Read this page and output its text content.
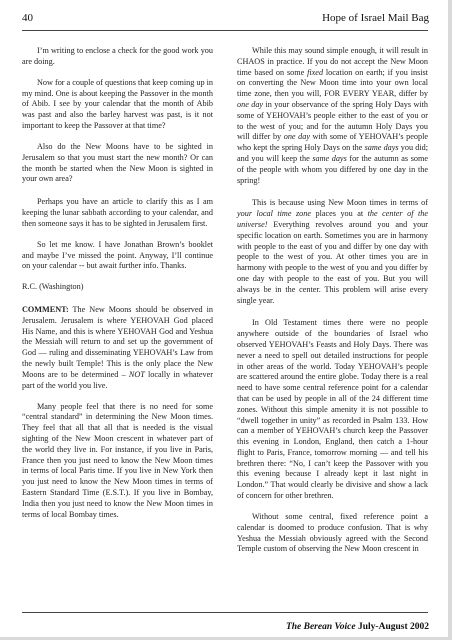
40	Hope of Israel Mail Bag

I’m writing to enclose a check for the good work you are doing.

Now for a couple of questions that keep coming up in my mind. One is about keeping the Passover in the month of Abib. I see by your calendar that the month of Abib was past and also the barley harvest was past, is it not important to keep the Passover at that time?

Also do the New Moons have to be sighted in Jerusalem so that you must start the new month? Or can the month be started when the New Moon is sighted in your own area?

Perhaps you have an article to clarify this as I am keeping the lunar sabbath according to your calendar, and then someone says it has to be sighted in Jerusalem first.

So let me know. I have Jonathan Brown’s booklet and maybe I’ve missed the point. Anyway, I’ll continue on your calendar -- but await further info. Thanks.

R.C. (Washington)

COMMENT: The New Moons should be observed in Jerusalem. Jerusalem is where YEHOVAH God placed His Name, and this is where YEHOVAH God and Yeshua the Messiah will return to and set up the government of God — ruling and disseminating YEHOVAH’s Law from the newly built Temple! This is the only place the New Moons are to be determined – NOT locally in whatever part of the world you live.

Many people feel that there is no need for some “central standard” in determining the New Moon times. They feel that all that all that is needed is the visual sighting of the New Moon crescent in whatever part of the world they live in. For instance, if you live in Paris, France then you just need to know the New Moon times in terms of local Paris time. If you live in New York then you just need to know the New Moon times in terms of Eastern Standard Time (E.S.T.). If you live in Bombay, India then you just need to know the New Moon times in terms of local Bombay times.

While this may sound simple enough, it will result in CHAOS in practice. If you do not accept the New Moon time based on some fixed location on earth; if you insist on converting the New Moon time into your own local time zone, then you will, FOR EVERY YEAR, differ by one day in your observance of the spring Holy Days with some of YEHOVAH’s people either to the east of you or to the west of you; and for the autumn Holy Days you will differ by one day with some of YEHOVAH’s people who kept the spring Holy Days on the same days you did; and you will keep the same days for the autumn as some of the people with whom you differed by one day in the spring!

This is because using New Moon times in terms of your local time zone places you at the center of the universe! Everything revolves around you and your specific location on earth. Sometimes you are in harmony with people to the east of you and differ by one day with people to the west of you. At other times you are in harmony with people to the west of you and you differ by one day with people to the east of you. But you will always be in the center. This problem will arise every single year.

In Old Testament times there were no people anywhere outside of the boundaries of Israel who observed YEHOVAH’s Feasts and Holy Days. There was never a need to spell out detailed instructions for people in other areas of the world. Today YEHOVAH’s people are scattered around the entire globe. Today there is a real need to have some central reference point for a calendar that can be used by people in all of the 24 different time zones. Without this simple amenity it is not possible to “dwell together in unity” as recorded in Psalm 133. How can a member of YEHOVAH’s church keep the Passover this evening in London, England, then catch a 1-hour flight to Paris, France, tomorrow morning — and tell his brethren there: “No, I can’t keep the Passover with you this evening because I already kept it last night in London.” That would clearly be divisive and show a lack of concern for other brethren.

Without some central, fixed reference point a calendar is doomed to produce confusion. That is why Yeshua the Messiah obviously agreed with the Second Temple custom of observing the New Moon crescent in

The Berean Voice July-August 2002
